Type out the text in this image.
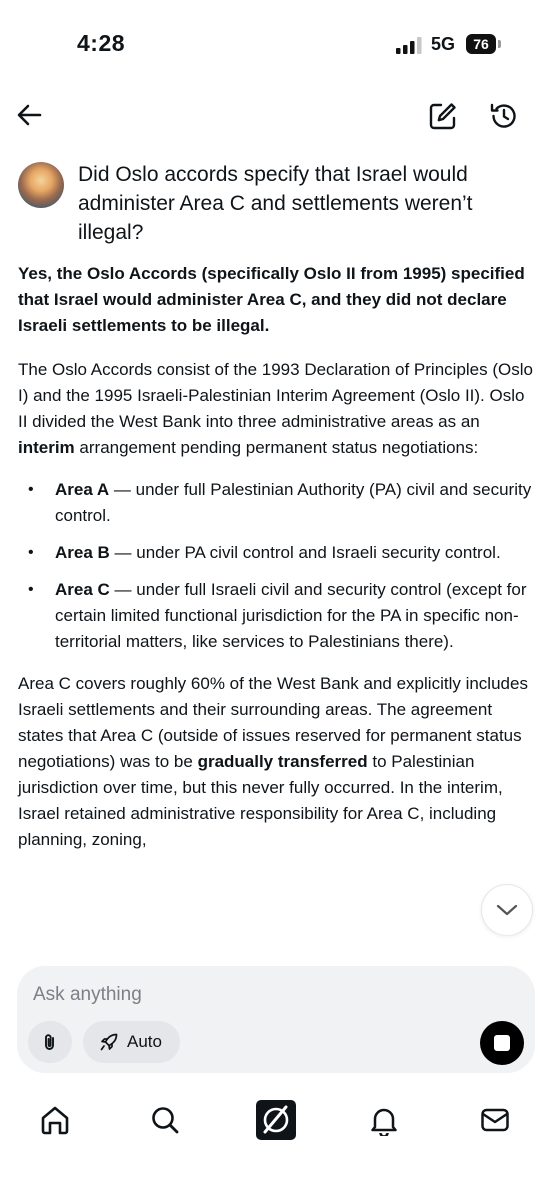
4:28	5G	76
Did Oslo accords specify that Israel would administer Area C and settlements weren’t illegal?

Yes, the Oslo Accords (specifically Oslo II from 1995) specified that Israel would administer Area C, and they did not declare Israeli settlements to be illegal.

The Oslo Accords consist of the 1993 Declaration of Principles (Oslo I) and the 1995 Israeli-Palestinian Interim Agreement (Oslo II). Oslo II divided the West Bank into three administrative areas as an interim arrangement pending permanent status negotiations:

• Area A — under full Palestinian Authority (PA) civil and security control.
• Area B — under PA civil control and Israeli security control.
• Area C — under full Israeli civil and security control (except for certain limited functional jurisdiction for the PA in specific non-territorial matters, like services to Palestinians there).

Area C covers roughly 60% of the West Bank and explicitly includes Israeli settlements and their surrounding areas. The agreement states that Area C (outside of issues reserved for permanent status negotiations) was to be gradually transferred to Palestinian jurisdiction over time, but this never fully occurred. In the interim, Israel retained administrative responsibility for Area C, including planning, zoning,

Ask anything
Auto
